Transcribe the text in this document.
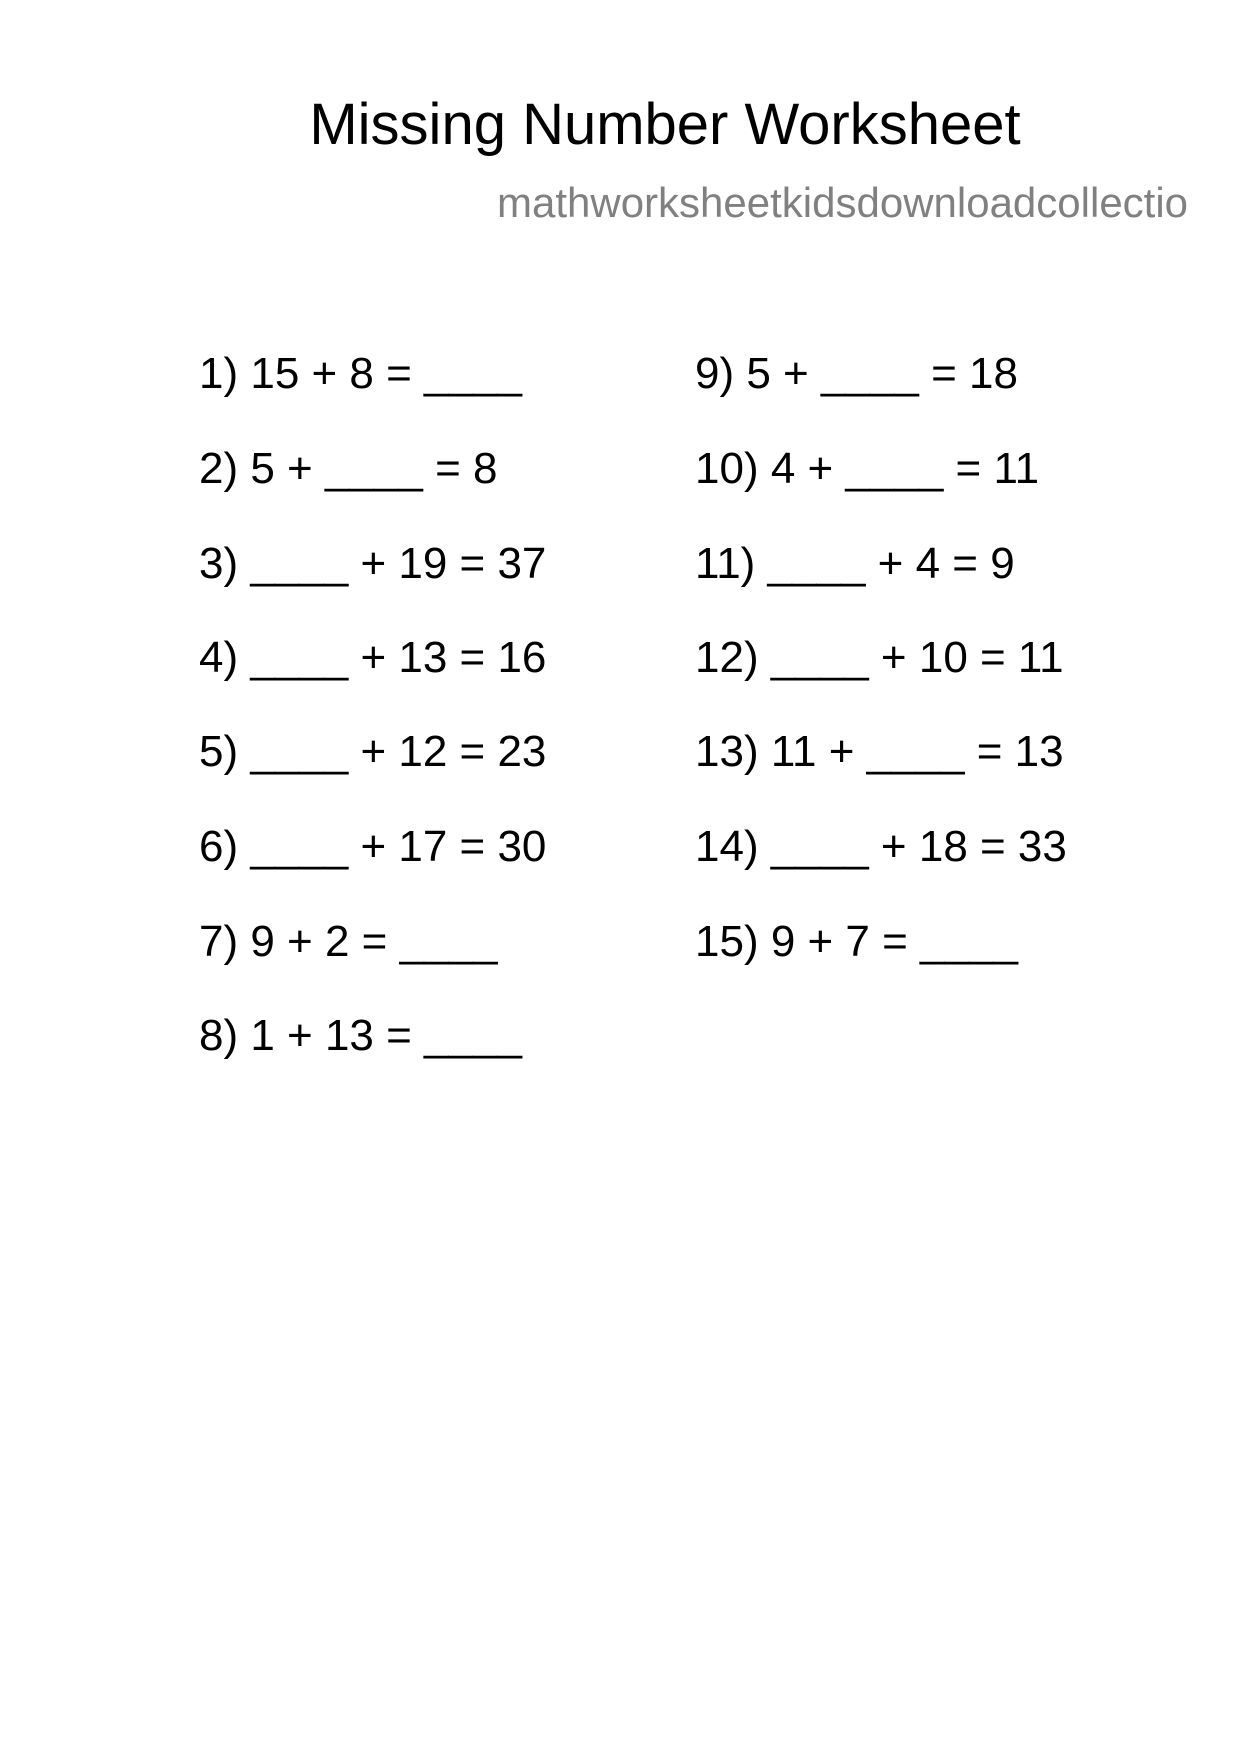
Missing Number Worksheet
mathworksheetkidsdownloadcollectio
1) 15 + 8 = ____
2) 5 + ____ = 8
3) ____ + 19 = 37
4) ____ + 13 = 16
5) ____ + 12 = 23
6) ____ + 17 = 30
7) 9 + 2 = ____
8) 1 + 13 = ____
9) 5 + ____ = 18
10) 4 + ____ = 11
11) ____ + 4 = 9
12) ____ + 10 = 11
13) 11 + ____ = 13
14) ____ + 18 = 33
15) 9 + 7 = ____
